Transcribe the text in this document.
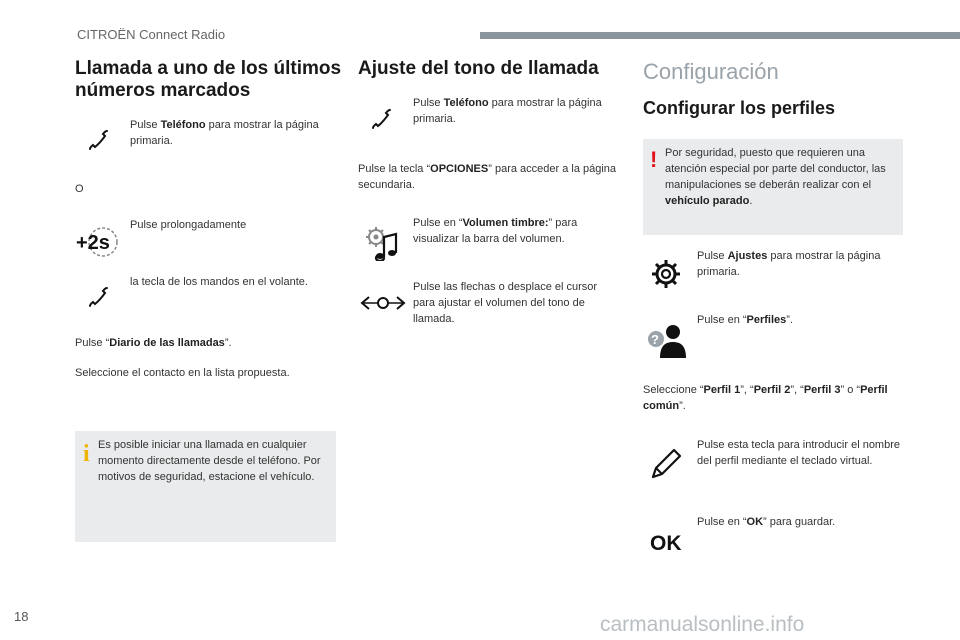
CITROËN Connect Radio
Llamada a uno de los últimos números marcados
Pulse Teléfono para mostrar la página primaria.
O
Pulse prolongadamente
+2s
la tecla de los mandos en el volante.
Pulse “Diario de las llamadas”.
Seleccione el contacto en la lista propuesta.
i Es posible iniciar una llamada en cualquier momento directamente desde el teléfono. Por motivos de seguridad, estacione el vehículo.
Ajuste del tono de llamada
Pulse Teléfono para mostrar la página primaria.
Pulse la tecla “OPCIONES” para acceder a la página secundaria.
Pulse en “Volumen timbre:” para visualizar la barra del volumen.
Pulse las flechas o desplace el cursor para ajustar el volumen del tono de llamada.
Configuración
Configurar los perfiles
! Por seguridad, puesto que requieren una atención especial por parte del conductor, las manipulaciones se deberán realizar con el vehículo parado.
Pulse Ajustes para mostrar la página primaria.
?
Pulse en “Perfiles”.
Seleccione “Perfil 1”, “Perfil 2”, “Perfil 3” o “Perfil común”.
Pulse esta tecla para introducir el nombre del perfil mediante el teclado virtual.
OK
Pulse en “OK” para guardar.
18	carmanualsonline.info
